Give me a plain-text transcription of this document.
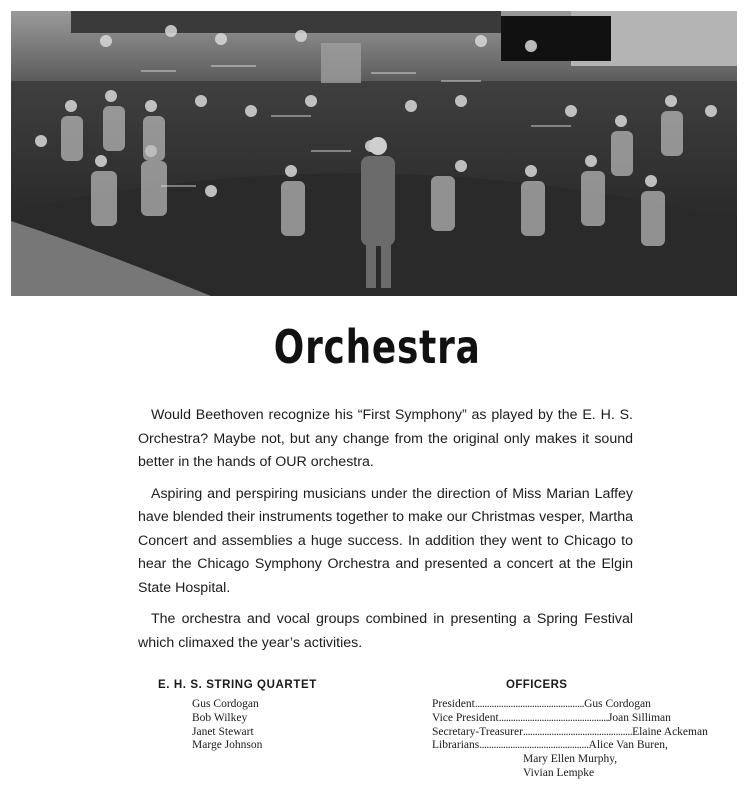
Orchestra

Would Beethoven recognize his “First Symphony” as played by the E. H. S. Orchestra? Maybe not, but any change from the original only makes it sound better in the hands of OUR orchestra.

Aspiring and perspiring musicians under the direction of Miss Marian Laffey have blended their instruments together to make our Christmas vesper, Martha Concert and assemblies a huge success. In addition they went to Chicago to hear the Chicago Symphony Orchestra and presented a concert at the Elgin State Hospital.

The orchestra and vocal groups combined in presenting a Spring Festival which climaxed the year’s activities.

E. H. S. STRING QUARTET
Gus Cordogan
Bob Wilkey
Janet Stewart
Marge Johnson
OFFICERS
President .............................................. Gus Cordogan
Vice President .............................................. Joan Silliman
Secretary-Treasurer .............................................. Elaine Ackeman
Librarians .............................................. Alice Van Buren,
Mary Ellen Murphy,
Vivian Lempke
